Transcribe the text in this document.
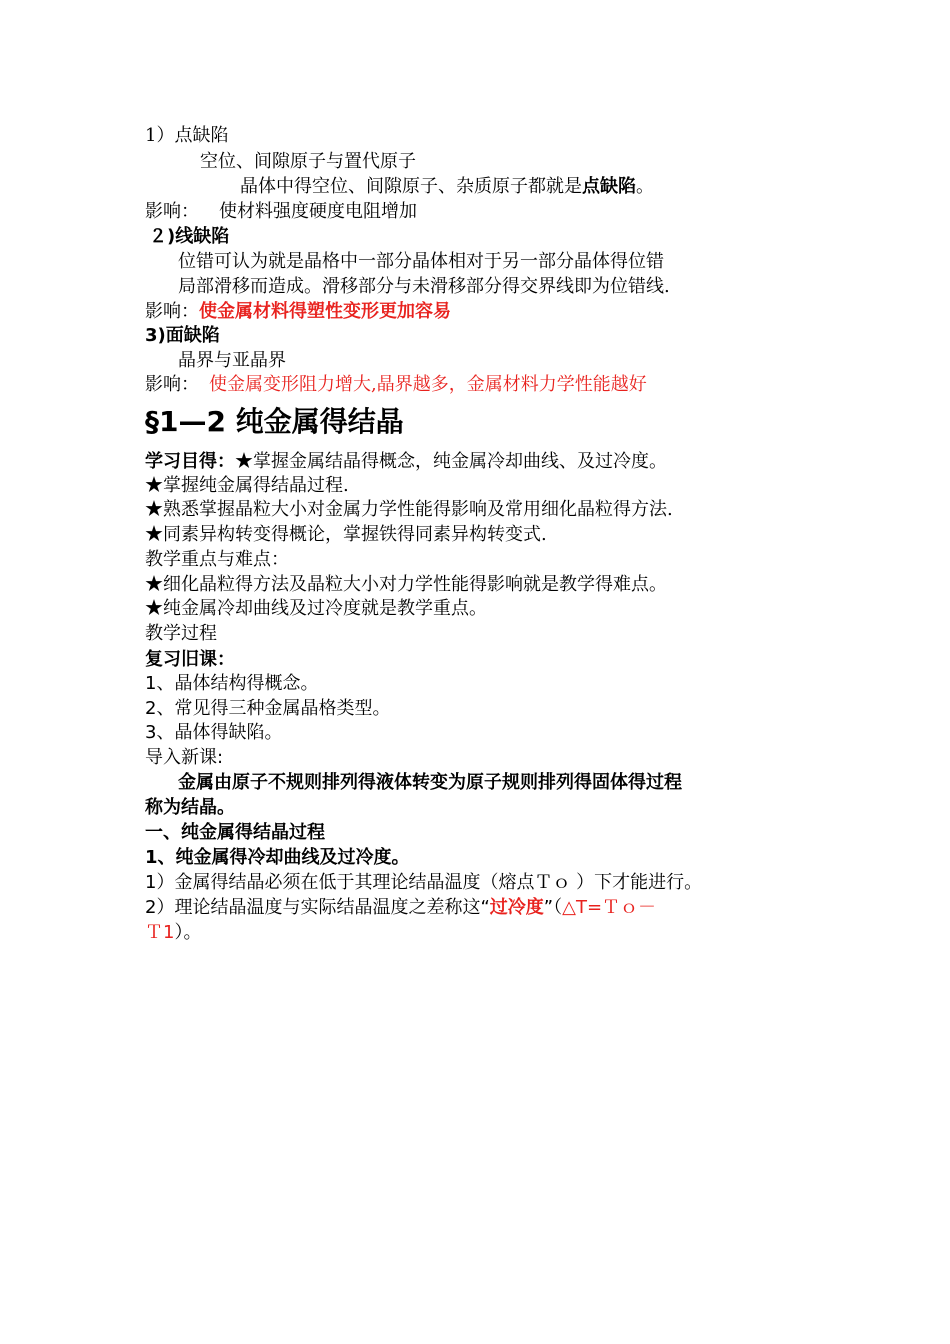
1）点缺陷
空位、间隙原子与置代原子
晶体中得空位、间隙原子、杂质原子都就是点缺陷。
影响： 使材料强度硬度电阻增加
２)线缺陷
位错可认为就是晶格中一部分晶体相对于另一部分晶体得位错
局部滑移而造成。滑移部分与未滑移部分得交界线即为位错线.
影响：使金属材料得塑性变形更加容易
3)面缺陷
晶界与亚晶界
影响： 使金属变形阻力增大,晶界越多，金属材料力学性能越好
§1—2 纯金属得结晶
学习目得：★掌握金属结晶得概念，纯金属冷却曲线、及过冷度。
★掌握纯金属得结晶过程.
★熟悉掌握晶粒大小对金属力学性能得影响及常用细化晶粒得方法.
★同素异构转变得概论，掌握铁得同素异构转变式.
教学重点与难点：
★细化晶粒得方法及晶粒大小对力学性能得影响就是教学得难点。
★纯金属冷却曲线及过冷度就是教学重点。
教学过程
复习旧课：
1、晶体结构得概念。
2、常见得三种金属晶格类型。
3、晶体得缺陷。
导入新课:
金属由原子不规则排列得液体转变为原子规则排列得固体得过程
称为结晶。
一、纯金属得结晶过程
1、纯金属得冷却曲线及过冷度。
1）金属得结晶必须在低于其理论结晶温度（熔点Ｔｏ ）下才能进行。
2）理论结晶温度与实际结晶温度之差称这“过冷度”（△T=Ｔｏ－
Ｔ1）。
